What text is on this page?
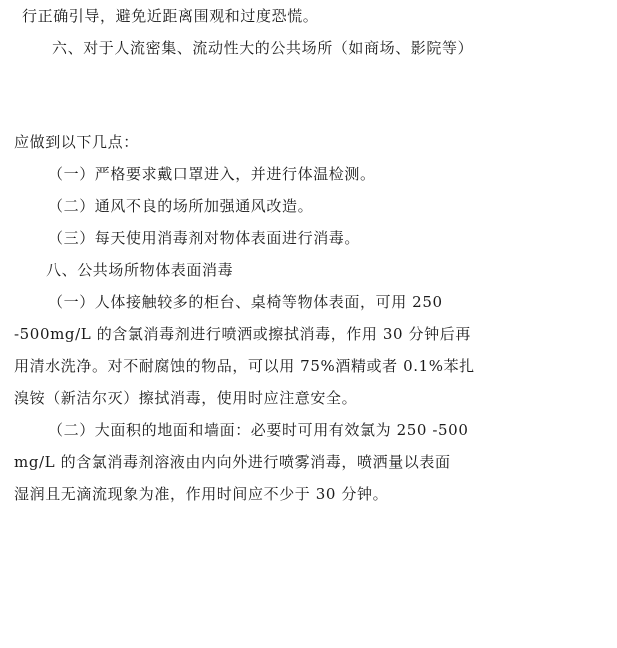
行正确引导，避免近距离围观和过度恐慌。
六、对于人流密集、流动性大的公共场所（如商场、影院等）
应做到以下几点：
（一）严格要求戴口罩进入，并进行体温检测。
（二）通风不良的场所加强通风改造。
（三）每天使用消毒剂对物体表面进行消毒。
八、公共场所物体表面消毒
（一）人体接触较多的柜台、桌椅等物体表面，可用 250
-500mg/L 的含氯消毒剂进行喷洒或擦拭消毒，作用 30 分钟后再
用清水洗净。对不耐腐蚀的物品，可以用 75%酒精或者 0.1%苯扎
溴铵（新洁尔灭）擦拭消毒，使用时应注意安全。
（二）大面积的地面和墙面：必要时可用有效氯为 250 -500
mg/L 的含氯消毒剂溶液由内向外进行喷雾消毒，喷洒量以表面
湿润且无滴流现象为准，作用时间应不少于 30 分钟。
